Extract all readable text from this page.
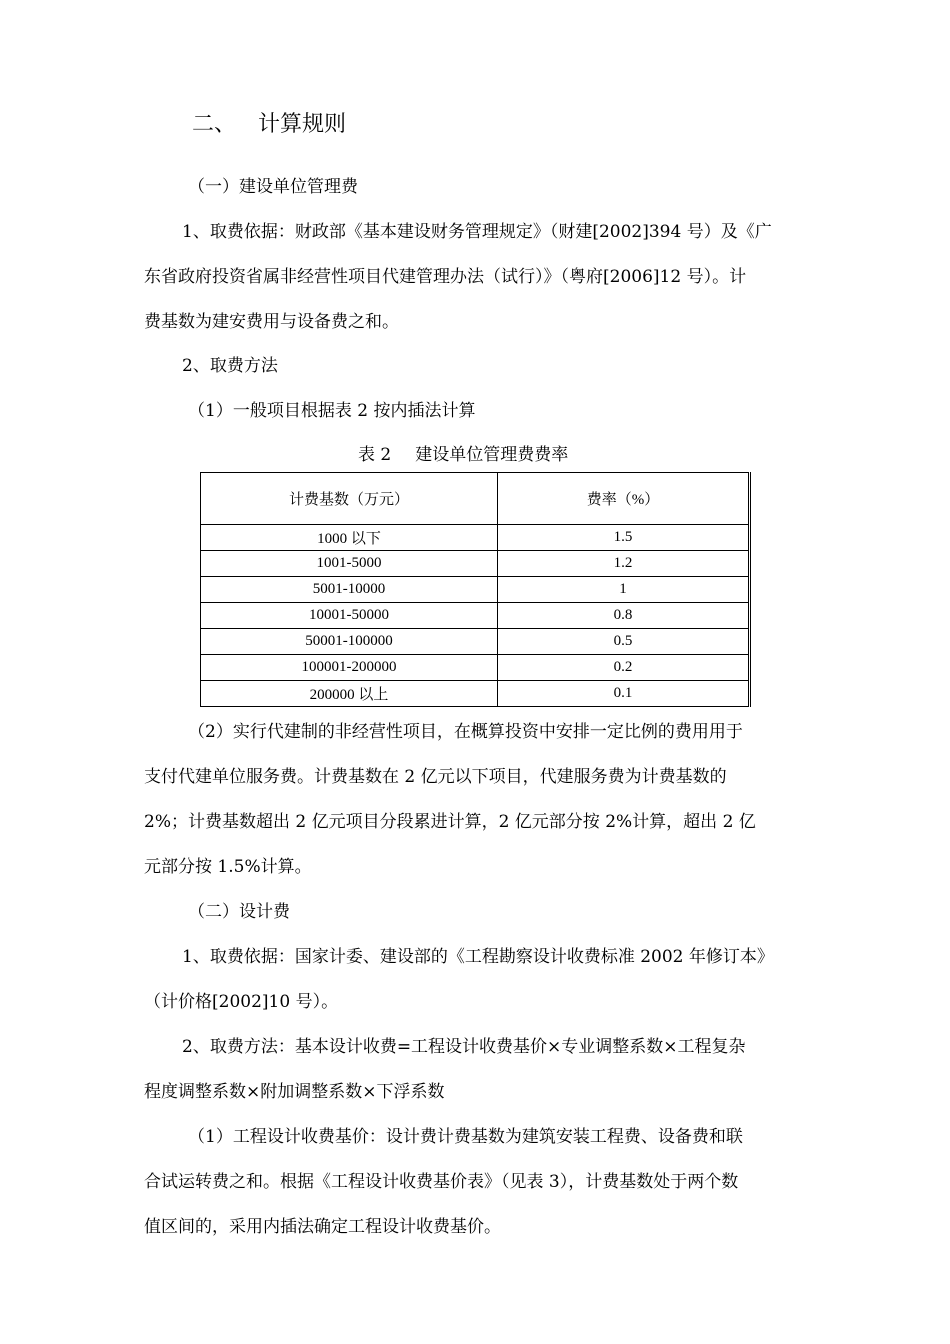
二、 计算规则
（一）建设单位管理费
1、取费依据：财政部《基本建设财务管理规定》（财建[2002]394 号）及《广
东省政府投资省属非经营性项目代建管理办法（试行）》（粤府[2006]12 号）。计
费基数为建安费用与设备费之和。
2、取费方法
（1）一般项目根据表 2 按内插法计算
表 2 建设单位管理费费率
计费基数（万元）	费率（%）
1000 以下	1.5
1001-5000	1.2
5001-10000	1
10001-50000	0.8
50001-100000	0.5
100001-200000	0.2
200000 以上	0.1
（2）实行代建制的非经营性项目，在概算投资中安排一定比例的费用用于
支付代建单位服务费。计费基数在 2 亿元以下项目，代建服务费为计费基数的
2%；计费基数超出 2 亿元项目分段累进计算，2 亿元部分按 2%计算，超出 2 亿
元部分按 1.5%计算。
（二）设计费
1、取费依据：国家计委、建设部的《工程勘察设计收费标准 2002 年修订本》
（计价格[2002]10 号）。
2、取费方法：基本设计收费=工程设计收费基价×专业调整系数×工程复杂
程度调整系数×附加调整系数×下浮系数
（1）工程设计收费基价：设计费计费基数为建筑安装工程费、设备费和联
合试运转费之和。根据《工程设计收费基价表》（见表 3），计费基数处于两个数
值区间的，采用内插法确定工程设计收费基价。
